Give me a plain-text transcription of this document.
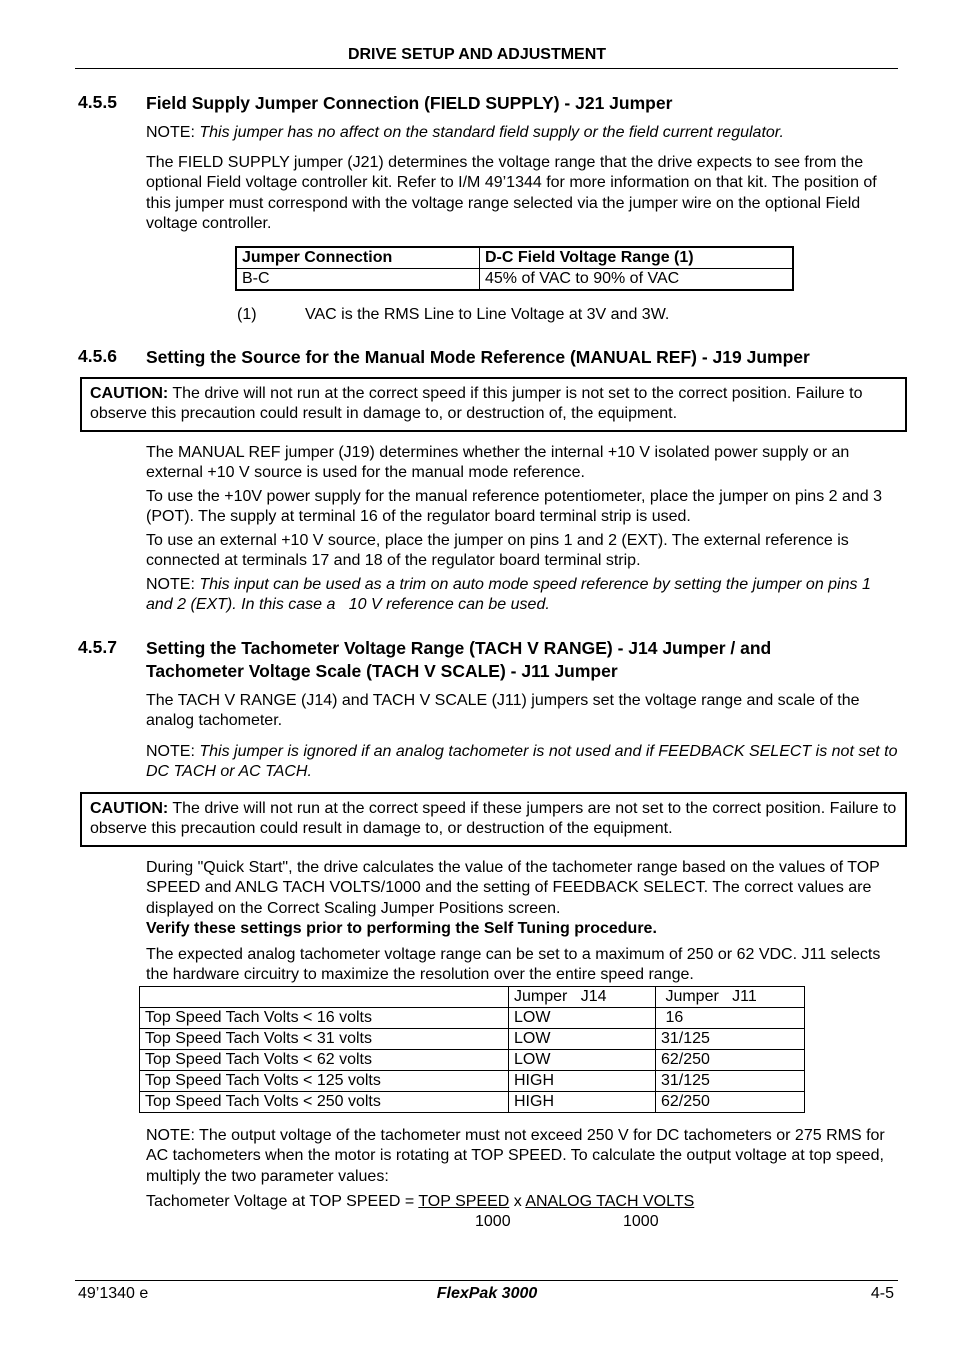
DRIVE SETUP AND ADJUSTMENT
4.5.5 Field Supply Jumper Connection (FIELD SUPPLY) - J21 Jumper
NOTE: This jumper has no affect on the standard field supply or the field current regulator.
The FIELD SUPPLY jumper (J21) determines the voltage range that the drive expects to see from the optional Field voltage controller kit. Refer to I/M 49’1344 for more information on that kit. The position of this jumper must correspond with the voltage range selected via the jumper wire on the optional Field voltage controller.
Jumper Connection	D-C Field Voltage Range (1)
B-C	45% of VAC to 90% of VAC
(1)	VAC is the RMS Line to Line Voltage at 3V and 3W.
4.5.6 Setting the Source for the Manual Mode Reference (MANUAL REF) - J19 Jumper
CAUTION: The drive will not run at the correct speed if this jumper is not set to the correct position. Failure to observe this precaution could result in damage to, or destruction of, the equipment.
The MANUAL REF jumper (J19) determines whether the internal +10 V isolated power supply or an external +10 V source is used for the manual mode reference.
To use the +10V power supply for the manual reference potentiometer, place the jumper on pins 2 and 3 (POT). The supply at terminal 16 of the regulator board terminal strip is used.
To use an external +10 V source, place the jumper on pins 1 and 2 (EXT). The external reference is connected at terminals 17 and 18 of the regulator board terminal strip.
NOTE: This input can be used as a trim on auto mode speed reference by setting the jumper on pins 1 and 2 (EXT). In this case a   10 V reference can be used.
4.5.7 Setting the Tachometer Voltage Range (TACH V RANGE) - J14 Jumper / and Tachometer Voltage Scale (TACH V SCALE) - J11 Jumper
The TACH V RANGE (J14) and TACH V SCALE (J11) jumpers set the voltage range and scale of the analog tachometer.
NOTE: This jumper is ignored if an analog tachometer is not used and if FEEDBACK SELECT is not set to DC TACH or AC TACH.
CAUTION: The drive will not run at the correct speed if these jumpers are not set to the correct position. Failure to observe this precaution could result in damage to, or destruction of the equipment.
During "Quick Start", the drive calculates the value of the tachometer range based on the values of TOP SPEED and ANLG TACH VOLTS/1000 and the setting of FEEDBACK SELECT. The correct values are displayed on the Correct Scaling Jumper Positions screen.
Verify these settings prior to performing the Self Tuning procedure.
The expected analog tachometer voltage range can be set to a maximum of 250 or 62 VDC. J11 selects the hardware circuitry to maximize the resolution over the entire speed range.
	Jumper   J14	Jumper   J11
Top Speed Tach Volts < 16 volts	LOW	16
Top Speed Tach Volts < 31 volts	LOW	31/125
Top Speed Tach Volts < 62 volts	LOW	62/250
Top Speed Tach Volts < 125 volts	HIGH	31/125
Top Speed Tach Volts < 250 volts	HIGH	62/250
NOTE: The output voltage of the tachometer must not exceed 250 V for DC tachometers or 275 RMS for AC tachometers when the motor is rotating at TOP SPEED. To calculate the output voltage at top speed, multiply the two parameter values:
Tachometer Voltage at TOP SPEED = TOP SPEED x ANALOG TACH VOLTS
1000	1000
49’1340 e	FlexPak 3000	4-5
